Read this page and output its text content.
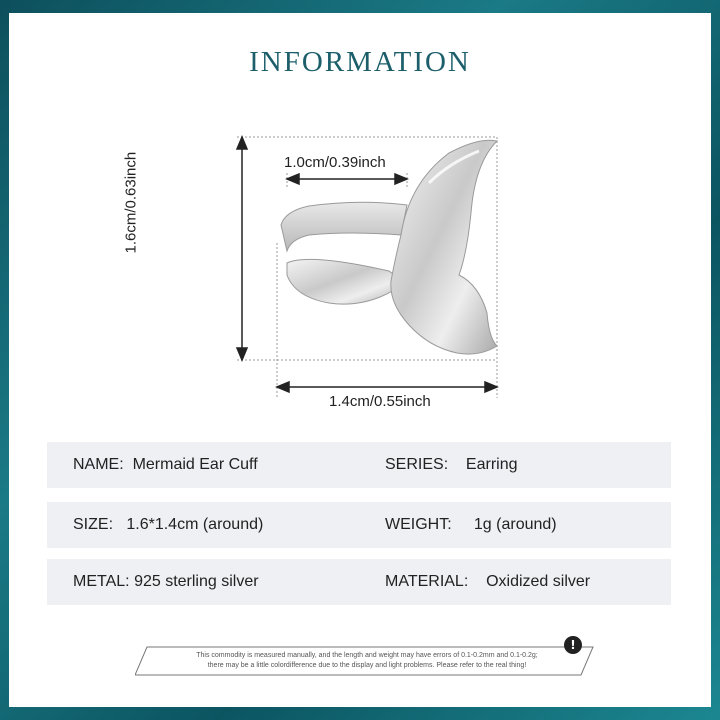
INFORMATION
1.0cm/0.39inch
1.6cm/0.63inch
1.4cm/0.55inch
NAME: Mermaid Ear Cuff	SERIES: Earring
SIZE: 1.6*1.4cm (around)	WEIGHT: 1g (around)
METAL: 925 sterling silver	MATERIAL: Oxidized silver
This commodity is measured manually, and the length and weight may have errors of 0.1-0.2mm and 0.1-0.2g;
there may be a little colordifference due to the display and light problems. Please refer to the real thing!
!
